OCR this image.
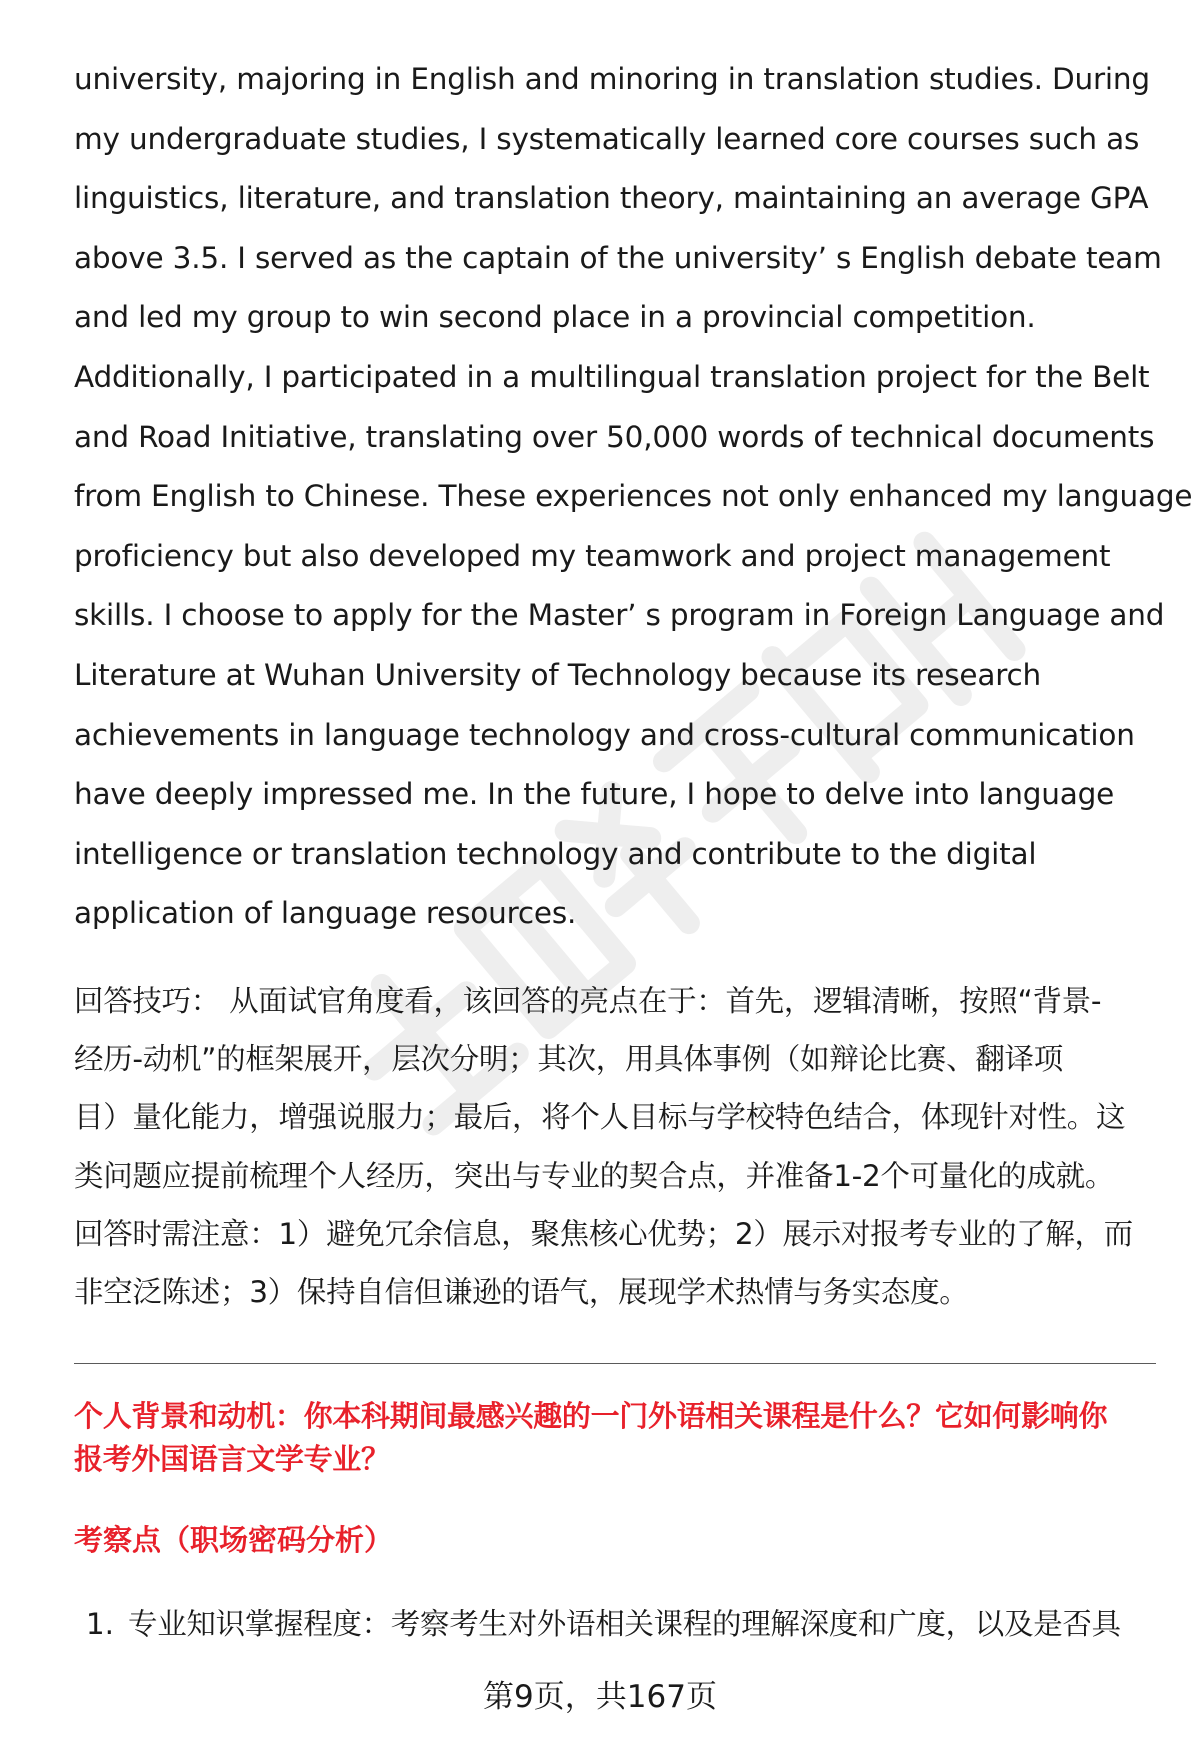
university, majoring in English and minoring in translation studies. During
my undergraduate studies, I systematically learned core courses such as
linguistics, literature, and translation theory, maintaining an average GPA
above 3.5. I served as the captain of the university’ s English debate team
and led my group to win second place in a provincial competition.
Additionally, I participated in a multilingual translation project for the Belt
and Road Initiative, translating over 50,000 words of technical documents
from English to Chinese. These experiences not only enhanced my language
proficiency but also developed my teamwork and project management
skills. I choose to apply for the Master’ s program in Foreign Language and
Literature at Wuhan University of Technology because its research
achievements in language technology and cross-cultural communication
have deeply impressed me. In the future, I hope to delve into language
intelligence or translation technology and contribute to the digital
application of language resources.

回答技巧： 从面试官角度看，该回答的亮点在于：首先，逻辑清晰，按照“背景-
经历-动机”的框架展开，层次分明；其次，用具体事例（如辩论比赛、翻译项
目）量化能力，增强说服力；最后，将个人目标与学校特色结合，体现针对性。这
类问题应提前梳理个人经历，突出与专业的契合点，并准备1-2个可量化的成就。
回答时需注意：1）避免冗余信息，聚焦核心优势；2）展示对报考专业的了解，而
非空泛陈述；3）保持自信但谦逊的语气，展现学术热情与务实态度。
个人背景和动机：你本科期间最感兴趣的一门外语相关课程是什么？它如何影响你
报考外国语言文学专业？
考察点（职场密码分析）
1. 专业知识掌握程度：考察考生对外语相关课程的理解深度和广度，以及是否具
第9页，共167页
